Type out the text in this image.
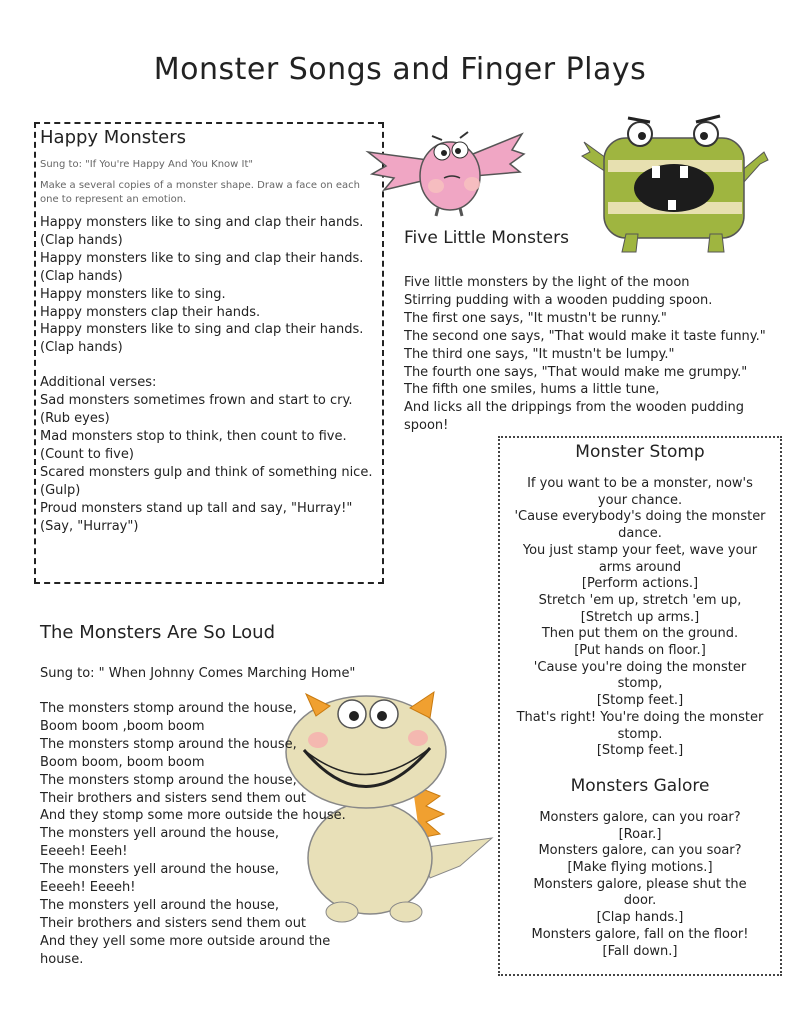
Monster Songs and Finger Plays
Happy Monsters

Sung to: "If You're Happy And You Know It"

Make a several copies of a monster shape. Draw a face on each one to represent an emotion.

Happy monsters like to sing and clap their hands.
(Clap hands)
Happy monsters like to sing and clap their hands.
(Clap hands)
Happy monsters like to sing.
Happy monsters clap their hands.
Happy monsters like to sing and clap their hands.
(Clap hands)
Additional verses:
Sad monsters sometimes frown and start to cry.
(Rub eyes)
Mad monsters stop to think, then count to five.
(Count to five)
Scared monsters gulp and think of something nice.
(Gulp)
Proud monsters stand up tall and say, "Hurray!"
(Say, "Hurray")
Five Little Monsters
Five little monsters by the light of the moon
Stirring pudding with a wooden pudding spoon.
The first one says, "It mustn't be runny."
The second one says, "That would make it taste funny."
The third one says, "It mustn't be lumpy."
The fourth one says, "That would make me grumpy."
The fifth one smiles, hums a little tune,
And licks all the drippings from the wooden pudding spoon!
Monster Stomp
If you want to be a monster, now's
your chance.
'Cause everybody's doing the monster
dance.
You just stamp your feet, wave your
arms around
[Perform actions.]
Stretch 'em up, stretch 'em up,
[Stretch up arms.]
Then put them on the ground.
[Put hands on floor.]
'Cause you're doing the monster
stomp,
[Stomp feet.]
That's right! You're doing the monster
stomp.
[Stomp feet.]
Monsters Galore
Monsters galore, can you roar?
[Roar.]
Monsters galore, can you soar?
[Make flying motions.]
Monsters galore, please shut the
door.
[Clap hands.]
Monsters galore, fall on the floor!
[Fall down.]
The Monsters Are So Loud

Sung to: " When Johnny Comes Marching Home"

The monsters stomp around the house,
Boom boom ,boom boom
The monsters stomp around the house,
Boom boom, boom boom
The monsters stomp around the house,
Their brothers and sisters send them out
And they stomp some more outside the house.
The monsters yell around the house,
Eeeeh! Eeeh!
The monsters yell around the house,
Eeeeh! Eeeeh!
The monsters yell around the house,
Their brothers and sisters send them out
And they yell some more outside around the house.
